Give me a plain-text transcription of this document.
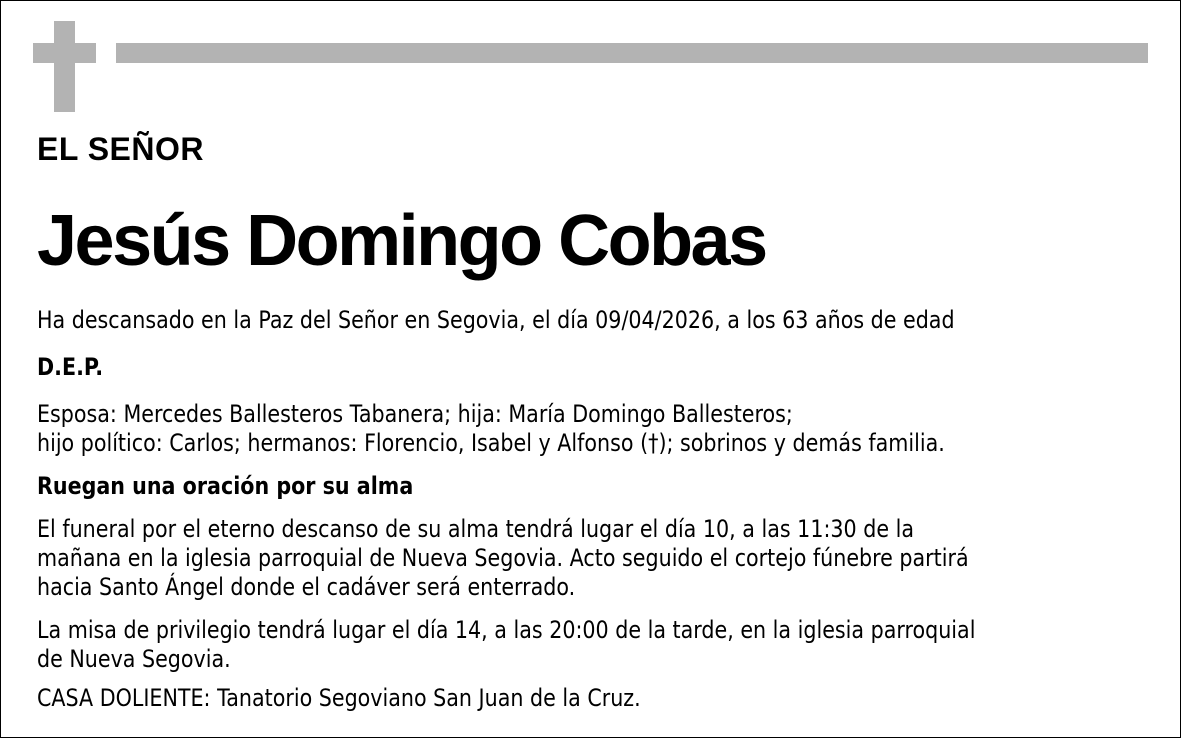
EL SEÑOR

Jesús Domingo Cobas

Ha descansado en la Paz del Señor en Segovia, el día 09/04/2026, a los 63 años de edad

D.E.P.

Esposa: Mercedes Ballesteros Tabanera; hija: María Domingo Ballesteros;
hijo político: Carlos; hermanos: Florencio, Isabel y Alfonso (†); sobrinos y demás familia.

Ruegan una oración por su alma

El funeral por el eterno descanso de su alma tendrá lugar el día 10, a las 11:30 de la
mañana en la iglesia parroquial de Nueva Segovia. Acto seguido el cortejo fúnebre partirá
hacia Santo Ángel donde el cadáver será enterrado.
La misa de privilegio tendrá lugar el día 14, a las 20:00 de la tarde, en la iglesia parroquial
de Nueva Segovia.

CASA DOLIENTE: Tanatorio Segoviano San Juan de la Cruz.
